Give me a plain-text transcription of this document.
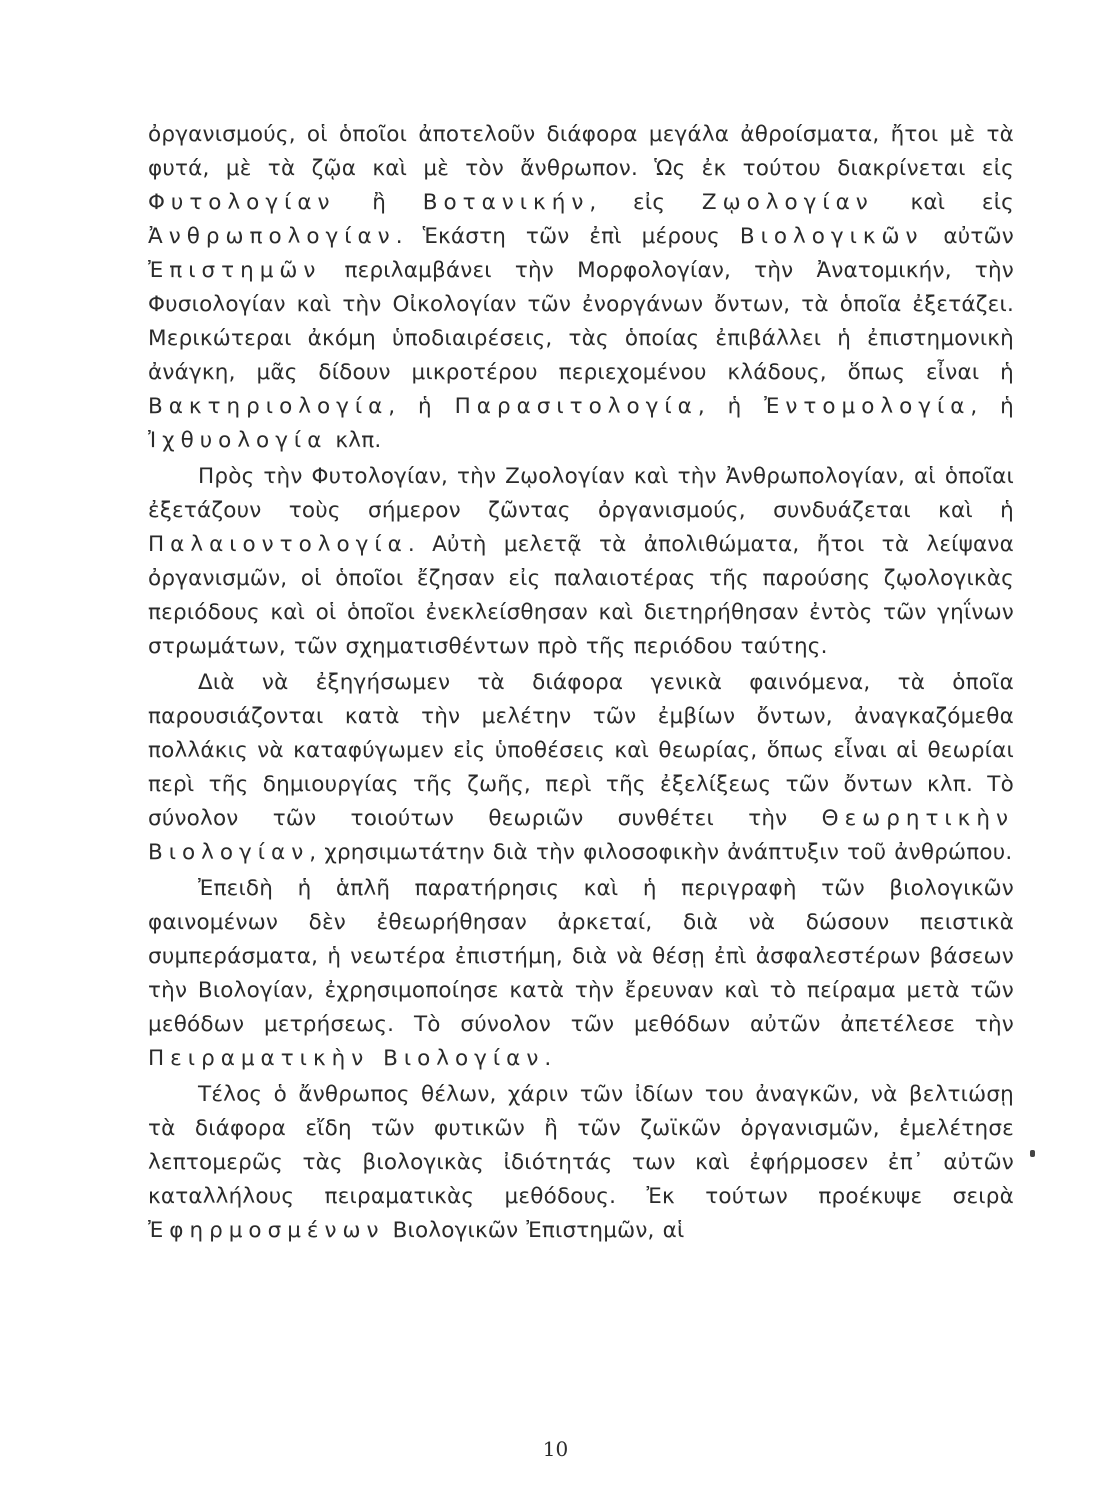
ὀργανισμούς, οἱ ὁποῖοι ἀποτελοῦν διάφορα μεγάλα ἀθροίσματα, ἤτοι μὲ τὰ φυτά, μὲ τὰ ζῷα καὶ μὲ τὸν ἄνθρωπον. Ὡς ἐκ τούτου διακρίνεται εἰς Φυτολογίαν ἢ Βοτανικήν, εἰς Ζῳολογίαν καὶ εἰς Ἀνθρωπολογίαν. Ἑκάστη τῶν ἐπὶ μέρους Βιολογικῶν αὐτῶν Ἐπιστημῶν περιλαμβάνει τὴν Μορφολογίαν, τὴν Ἀνατομικήν, τὴν Φυσιολογίαν καὶ τὴν Οἰκολογίαν τῶν ἐνοργάνων ὄντων, τὰ ὁποῖα ἐξετάζει. Μερικώτεραι ἀκόμη ὑποδιαιρέσεις, τὰς ὁποίας ἐπιβάλλει ἡ ἐπιστημονικὴ ἀνάγκη, μᾶς δίδουν μικροτέρου περιεχομένου κλάδους, ὅπως εἶναι ἡ Βακτηριολογία, ἡ Παρασιτολογία, ἡ Ἐντομολογία, ἡ Ἰχθυολογία κλπ.

Πρὸς τὴν Φυτολογίαν, τὴν Ζῳολογίαν καὶ τὴν Ἀνθρωπολογίαν, αἱ ὁποῖαι ἐξετάζουν τοὺς σήμερον ζῶντας ὀργανισμούς, συνδυάζεται καὶ ἡ Παλαιοντολογία. Αὐτὴ μελετᾷ τὰ ἀπολιθώματα, ἤτοι τὰ λείψανα ὀργανισμῶν, οἱ ὁποῖοι ἔζησαν εἰς παλαιοτέρας τῆς παρούσης ζῳολογικὰς περιόδους καὶ οἱ ὁποῖοι ἐνεκλείσθησαν καὶ διετηρήθησαν ἐντὸς τῶν γηΐνων στρωμάτων, τῶν σχηματισθέντων πρὸ τῆς περιόδου ταύτης.

Διὰ νὰ ἐξηγήσωμεν τὰ διάφορα γενικὰ φαινόμενα, τὰ ὁποῖα παρουσιάζονται κατὰ τὴν μελέτην τῶν ἐμβίων ὄντων, ἀναγκαζόμεθα πολλάκις νὰ καταφύγωμεν εἰς ὑποθέσεις καὶ θεωρίας, ὅπως εἶναι αἱ θεωρίαι περὶ τῆς δημιουργίας τῆς ζωῆς, περὶ τῆς ἐξελίξεως τῶν ὄντων κλπ. Τὸ σύνολον τῶν τοιούτων θεωριῶν συνθέτει τὴν Θεωρητικὴν Βιολογίαν, χρησιμωτάτην διὰ τὴν φιλοσοφικὴν ἀνάπτυξιν τοῦ ἀνθρώπου.

Ἐπειδὴ ἡ ἁπλῆ παρατήρησις καὶ ἡ περιγραφὴ τῶν βιολογικῶν φαινομένων δὲν ἐθεωρήθησαν ἀρκεταί, διὰ νὰ δώσουν πειστικὰ συμπεράσματα, ἡ νεωτέρα ἐπιστήμη, διὰ νὰ θέσῃ ἐπὶ ἀσφαλεστέρων βάσεων τὴν Βιολογίαν, ἐχρησιμοποίησε κατὰ τὴν ἔρευναν καὶ τὸ πείραμα μετὰ τῶν μεθόδων μετρήσεως. Τὸ σύνολον τῶν μεθόδων αὐτῶν ἀπετέλεσε τὴν Πειραματικὴν Βιολογίαν.

Τέλος ὁ ἄνθρωπος θέλων, χάριν τῶν ἰδίων του ἀναγκῶν, νὰ βελτιώσῃ τὰ διάφορα εἴδη τῶν φυτικῶν ἢ τῶν ζωϊκῶν ὀργανισμῶν, ἐμελέτησε λεπτομερῶς τὰς βιολογικὰς ἰδιότητάς των καὶ ἐφήρμοσεν ἐπ᾽ αὐτῶν καταλλήλους πειραματικὰς μεθόδους. Ἐκ τούτων προέκυψε σειρὰ Ἐφηρμοσμένων Βιολογικῶν Ἐπιστημῶν, αἱ

10
